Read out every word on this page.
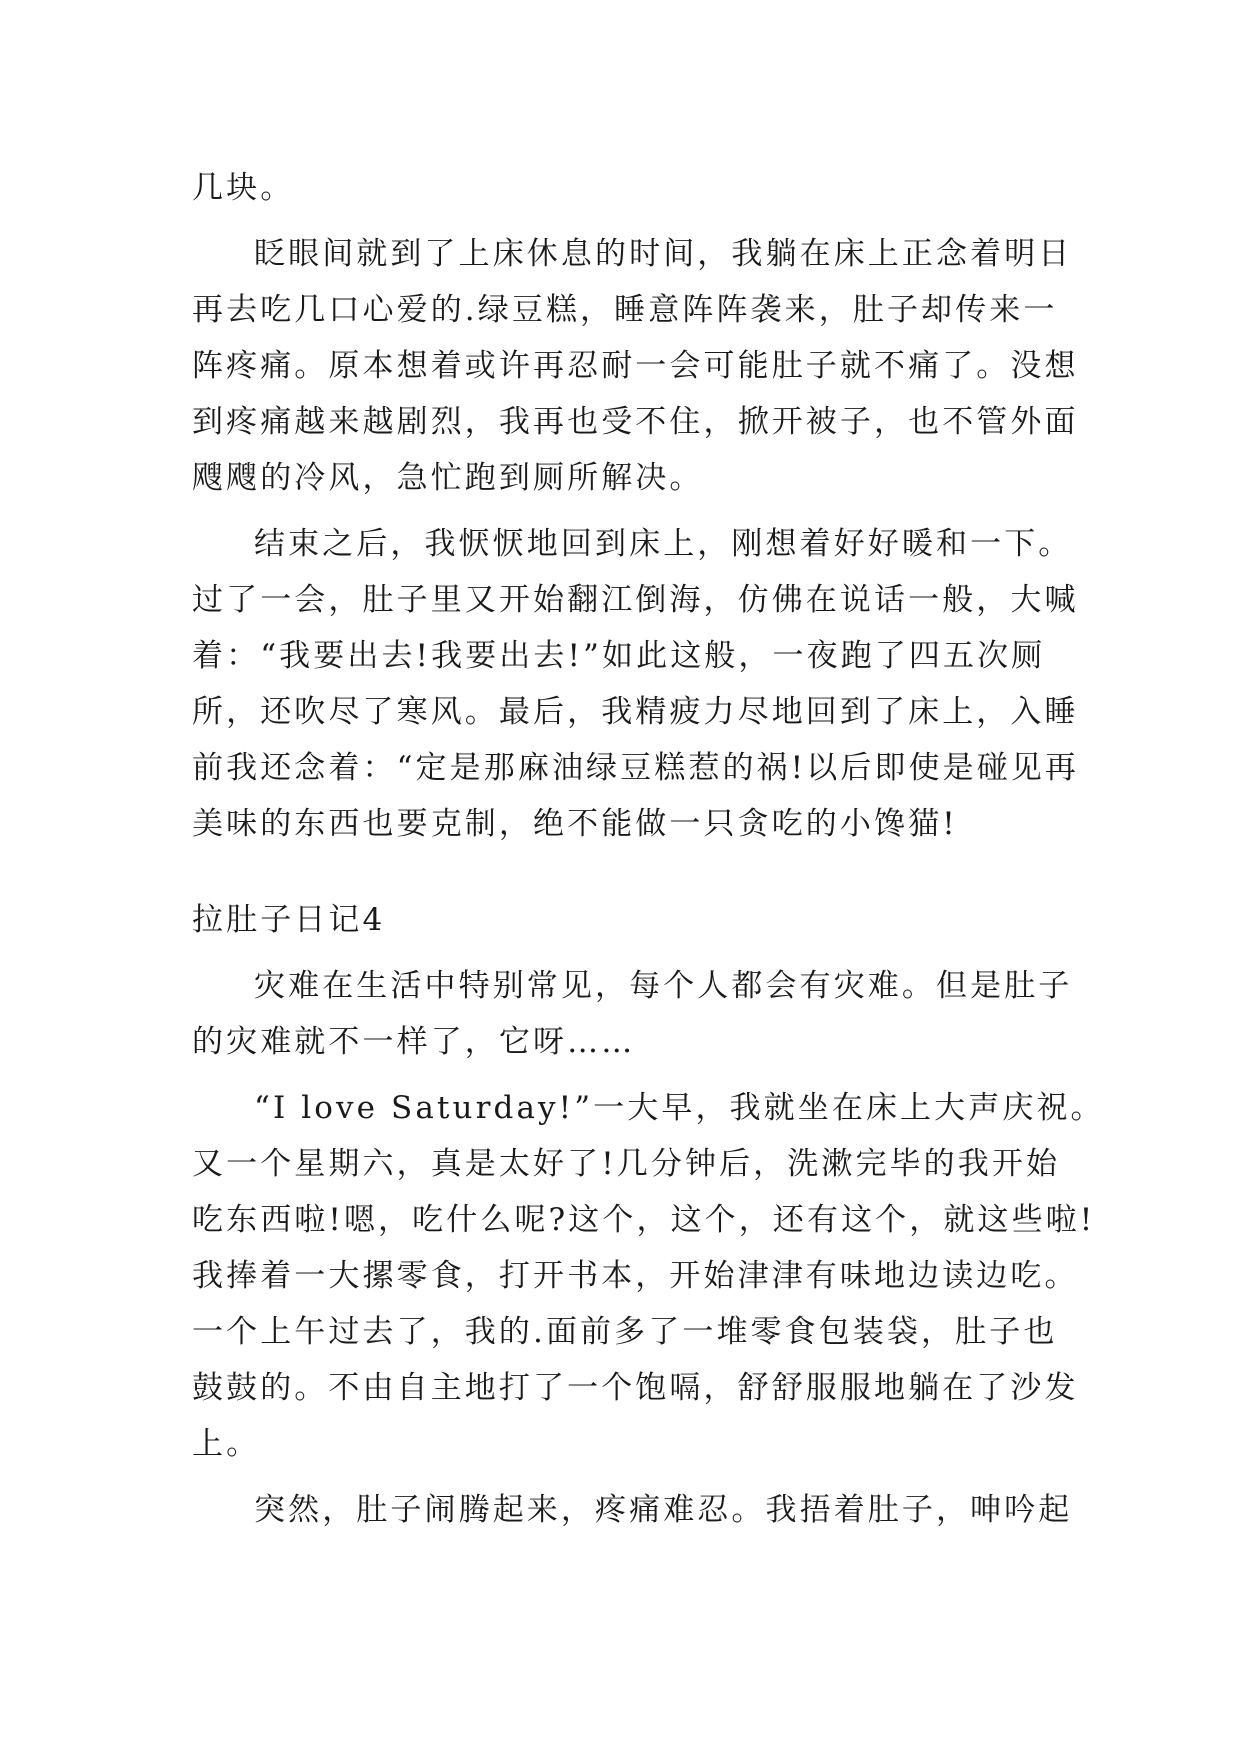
几块。
眨眼间就到了上床休息的时间，我躺在床上正念着明日
再去吃几口心爱的.绿豆糕，睡意阵阵袭来，肚子却传来一
阵疼痛。原本想着或许再忍耐一会可能肚子就不痛了。没想
到疼痛越来越剧烈，我再也受不住，掀开被子，也不管外面
飕飕的冷风，急忙跑到厕所解决。
结束之后，我恹恹地回到床上，刚想着好好暖和一下。
过了一会，肚子里又开始翻江倒海，仿佛在说话一般，大喊
着：“我要出去!我要出去!”如此这般，一夜跑了四五次厕
所，还吹尽了寒风。最后，我精疲力尽地回到了床上，入睡
前我还念着：“定是那麻油绿豆糕惹的祸!以后即使是碰见再
美味的东西也要克制，绝不能做一只贪吃的小馋猫!
拉肚子日记4
灾难在生活中特别常见，每个人都会有灾难。但是肚子
的灾难就不一样了，它呀……
“I love Saturday!”一大早，我就坐在床上大声庆祝。
又一个星期六，真是太好了!几分钟后，洗漱完毕的我开始
吃东西啦!嗯，吃什么呢?这个，这个，还有这个，就这些啦!
我捧着一大摞零食，打开书本，开始津津有味地边读边吃。
一个上午过去了，我的.面前多了一堆零食包装袋，肚子也
鼓鼓的。不由自主地打了一个饱嗝，舒舒服服地躺在了沙发
上。
突然，肚子闹腾起来，疼痛难忍。我捂着肚子，呻吟起
